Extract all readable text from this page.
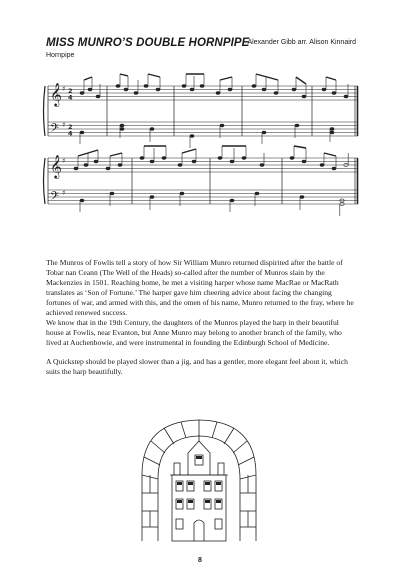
MISS MUNRO’S DOUBLE HORNPIPE
Alexander Gibb arr. Alison Kinnaird
Hornpipe
𝄞
𝄢
𝄞
𝄢
♯
♯
♯
♯
2
4
2
4

The Munros of Fowlis tell a story of how Sir William Munro returned dispirited after the battle of Tobar nan Ceann (The Well of the Heads) so-called after the number of Munros slain by the Mackenzies in 1501. Reaching home, he met a visiting harper whose name MacRae or MacRath translates as ‘Son of Fortune.’ The harper gave him cheering advice about facing the changing fortunes of war, and armed with this, and the omen of his name, Munro returned to the fray, where he achieved renewed success.

We know that in the 19th Century, the daughters of the Munros played the harp in their beautiful house at Fowlis, near Evanton, but Anne Munro may belong to another branch of the family, who lived at Auchenbowie, and were instrumental in founding the Edinburgh School of Medicine.

A Quickstep should be played slower than a jig, and has a gentler, more elegant feel about it, which suits the harp beautifully.

8
